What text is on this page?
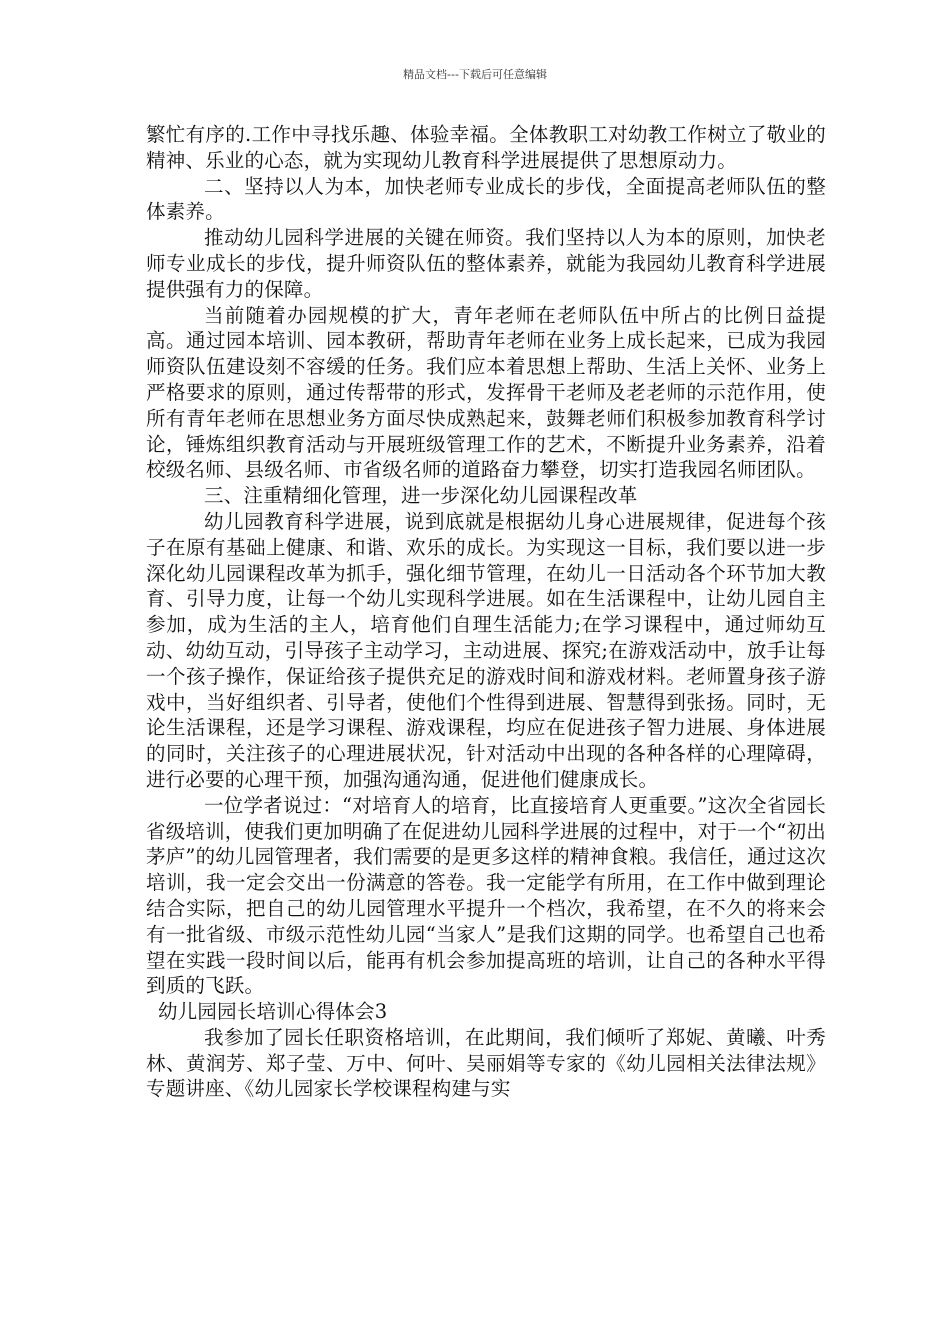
精品文档---下载后可任意编辑

繁忙有序的.工作中寻找乐趣、体验幸福。全体教职工对幼教工作树立了敬业的精神、乐业的心态，就为实现幼儿教育科学进展提供了思想原动力。

二、坚持以人为本，加快老师专业成长的步伐，全面提高老师队伍的整体素养。

推动幼儿园科学进展的关键在师资。我们坚持以人为本的原则，加快老师专业成长的步伐，提升师资队伍的整体素养，就能为我园幼儿教育科学进展提供强有力的保障。

当前随着办园规模的扩大，青年老师在老师队伍中所占的比例日益提高。通过园本培训、园本教研，帮助青年老师在业务上成长起来，已成为我园师资队伍建设刻不容缓的任务。我们应本着思想上帮助、生活上关怀、业务上严格要求的原则，通过传帮带的形式，发挥骨干老师及老老师的示范作用，使所有青年老师在思想业务方面尽快成熟起来，鼓舞老师们积极参加教育科学讨论，锤炼组织教育活动与开展班级管理工作的艺术，不断提升业务素养，沿着校级名师、县级名师、市省级名师的道路奋力攀登，切实打造我园名师团队。

三、注重精细化管理，进一步深化幼儿园课程改革

幼儿园教育科学进展，说到底就是根据幼儿身心进展规律，促进每个孩子在原有基础上健康、和谐、欢乐的成长。为实现这一目标，我们要以进一步深化幼儿园课程改革为抓手，强化细节管理，在幼儿一日活动各个环节加大教育、引导力度，让每一个幼儿实现科学进展。如在生活课程中，让幼儿园自主参加，成为生活的主人，培育他们自理生活能力;在学习课程中，通过师幼互动、幼幼互动，引导孩子主动学习，主动进展、探究;在游戏活动中，放手让每一个孩子操作，保证给孩子提供充足的游戏时间和游戏材料。老师置身孩子游戏中，当好组织者、引导者，使他们个性得到进展、智慧得到张扬。同时，无论生活课程，还是学习课程、游戏课程，均应在促进孩子智力进展、身体进展的同时，关注孩子的心理进展状况，针对活动中出现的各种各样的心理障碍，进行必要的心理干预，加强沟通沟通，促进他们健康成长。

一位学者说过：“对培育人的培育，比直接培育人更重要。”这次全省园长省级培训，使我们更加明确了在促进幼儿园科学进展的过程中，对于一个“初出茅庐”的幼儿园管理者，我们需要的是更多这样的精神食粮。我信任，通过这次培训，我一定会交出一份满意的答卷。我一定能学有所用，在工作中做到理论结合实际，把自己的幼儿园管理水平提升一个档次，我希望，在不久的将来会有一批省级、市级示范性幼儿园“当家人”是我们这期的同学。也希望自己也希望在实践一段时间以后，能再有机会参加提高班的培训，让自己的各种水平得到质的飞跃。

幼儿园园长培训心得体会3

我参加了园长任职资格培训，在此期间，我们倾听了郑妮、黄曦、叶秀林、黄润芳、郑子莹、万中、何叶、吴丽娟等专家的《幼儿园相关法律法规》专题讲座、《幼儿园家长学校课程构建与实
